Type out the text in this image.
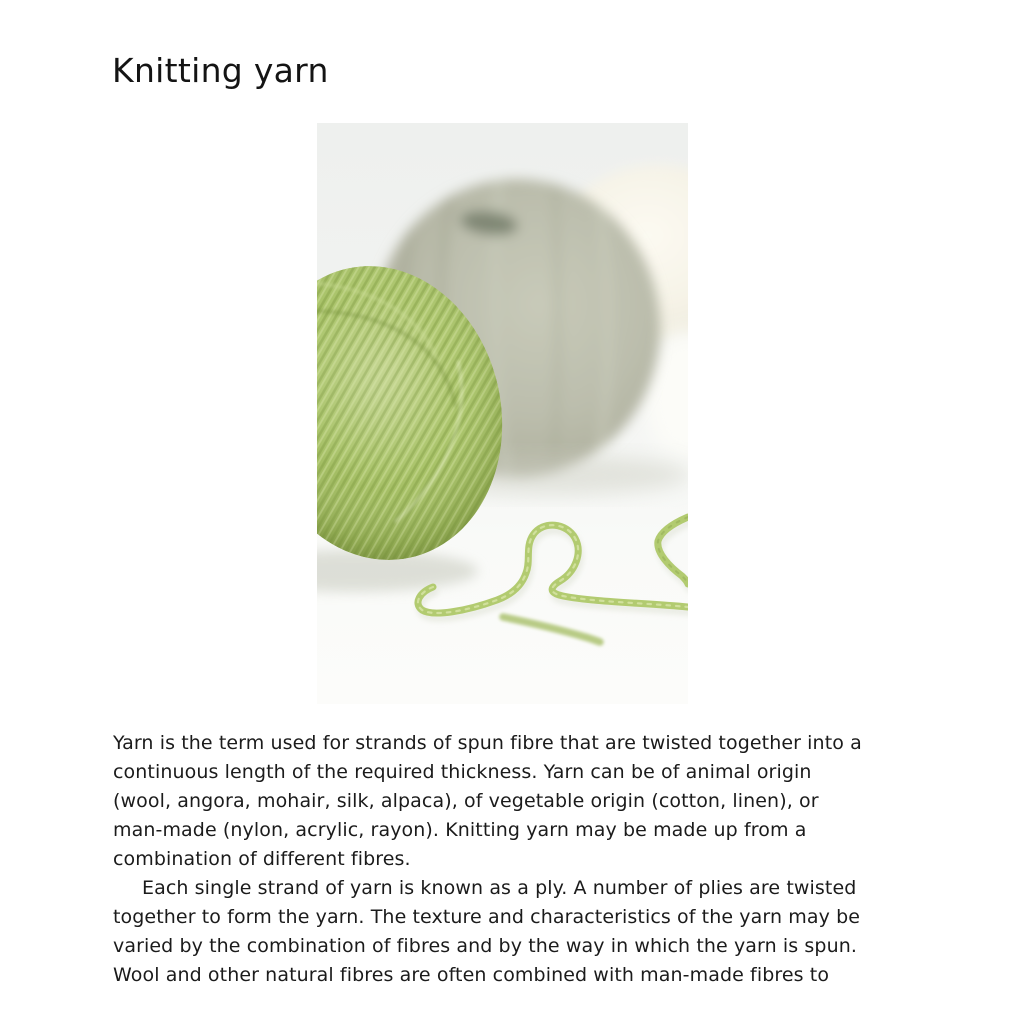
Knitting yarn
Yarn is the term used for strands of spun fibre that are twisted together into a
continuous length of the required thickness. Yarn can be of animal origin
(wool, angora, mohair, silk, alpaca), of vegetable origin (cotton, linen), or
man-made (nylon, acrylic, rayon). Knitting yarn may be made up from a
combination of different fibres.
Each single strand of yarn is known as a ply. A number of plies are twisted
together to form the yarn. The texture and characteristics of the yarn may be
varied by the combination of fibres and by the way in which the yarn is spun.
Wool and other natural fibres are often combined with man-made fibres to
